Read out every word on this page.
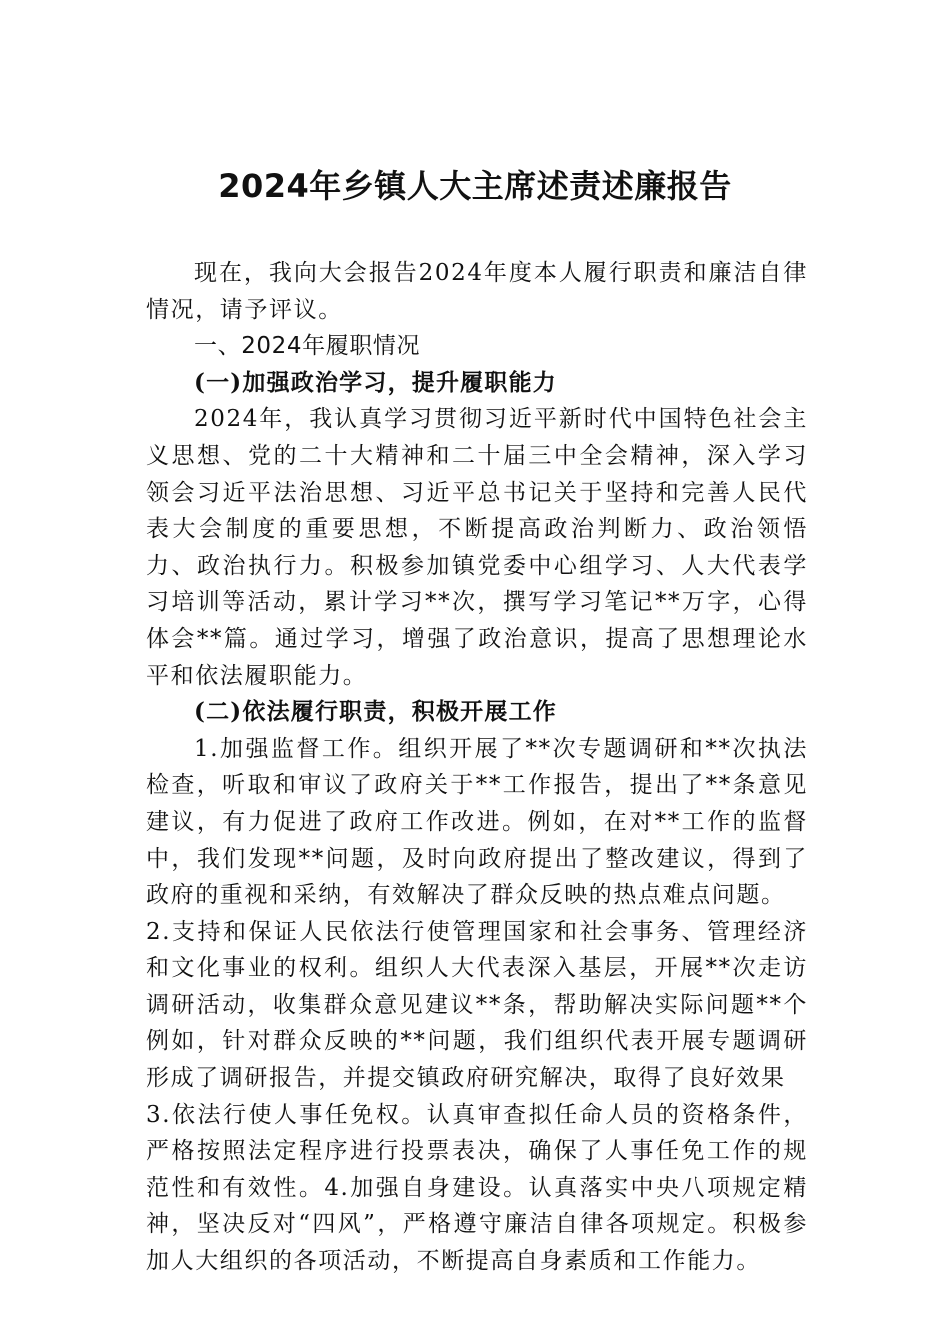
2024年乡镇人大主席述责述廉报告

现在，我向大会报告2024年度本人履行职责和廉洁自律情况，请予评议。

一、2024年履职情况

(一)加强政治学习，提升履职能力

2024年，我认真学习贯彻习近平新时代中国特色社会主义思想、党的二十大精神和二十届三中全会精神，深入学习领会习近平法治思想、习近平总书记关于坚持和完善人民代表大会制度的重要思想，不断提高政治判断力、政治领悟力、政治执行力。积极参加镇党委中心组学习、人大代表学习培训等活动，累计学习**次，撰写学习笔记**万字，心得体会**篇。通过学习，增强了政治意识，提高了思想理论水平和依法履职能力。

(二)依法履行职责，积极开展工作

1.加强监督工作。组织开展了**次专题调研和**次执法检查，听取和审议了政府关于**工作报告，提出了**条意见建议，有力促进了政府工作改进。例如，在对**工作的监督中，我们发现**问题，及时向政府提出了整改建议，得到了政府的重视和采纳，有效解决了群众反映的热点难点问题。

2.支持和保证人民依法行使管理国家和社会事务、管理经济和文化事业的权利。组织人大代表深入基层，开展**次走访调研活动，收集群众意见建议**条，帮助解决实际问题**个例如，针对群众反映的**问题，我们组织代表开展专题调研形成了调研报告，并提交镇政府研究解决，取得了良好效果

3.依法行使人事任免权。认真审查拟任命人员的资格条件，严格按照法定程序进行投票表决，确保了人事任免工作的规范性和有效性。4.加强自身建设。认真落实中央八项规定精神，坚决反对“四风”，严格遵守廉洁自律各项规定。积极参加人大组织的各项活动，不断提高自身素质和工作能力。
